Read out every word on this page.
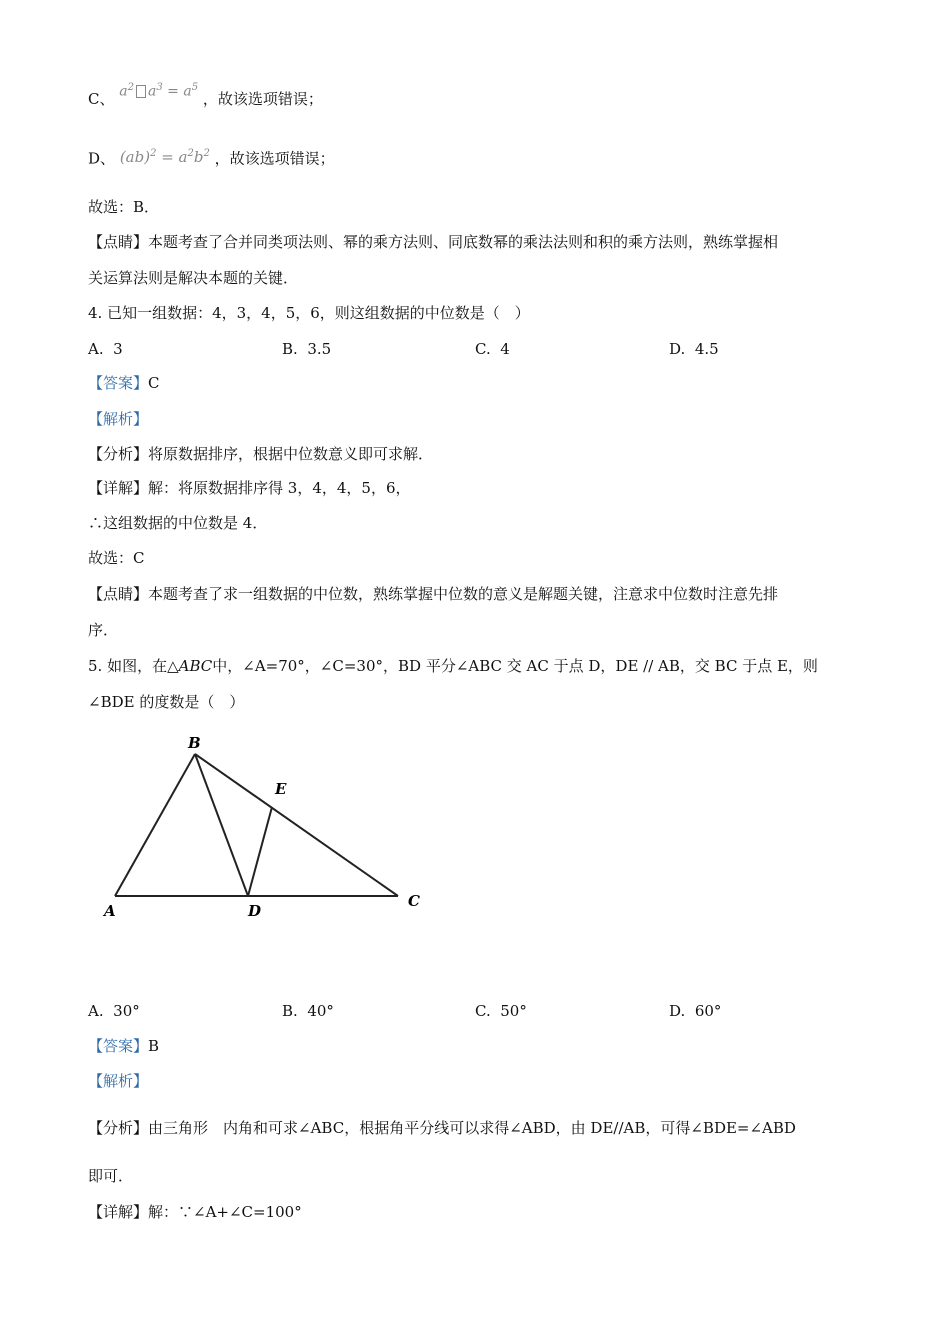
C、 $a^2$ $a^3 = a^5$ ，故该选项错误；
D、 $(ab)^2 = a^2b^2$ ，故该选项错误；
故选：B．
【点睛】本题考查了合并同类项法则、幂的乘方法则、同底数幂的乘法法则和积的乘方法则，熟练掌握相
关运算法则是解决本题的关键．
4. 已知一组数据：4，3，4，5，6，则这组数据的中位数是（　）
A. 3	B. 3.5	C. 4	D. 4.5
【答案】C
【解析】
【分析】将原数据排序，根据中位数意义即可求解．
【详解】解：将原数据排序得 3，4，4，5，6，
∴这组数据的中位数是 4．
故选：C
【点睛】本题考查了求一组数据的中位数，熟练掌握中位数的意义是解题关键，注意求中位数时注意先排
序．
5. 如图，在△ABC中，∠A=70°，∠C=30°，BD 平分∠ABC 交 AC 于点 D，DE // AB，交 BC 于点 E，则
∠BDE 的度数是（　）
B
E
A	D
C
A. 30°	B. 40°	C. 50°	D. 60°
【答案】B
【解析】
【分析】由三角形　内角和可求∠ABC，根据角平分线可以求得∠ABD，由 DE//AB，可得∠BDE=∠ABD
即可．
【详解】解：∵∠A+∠C=100°
